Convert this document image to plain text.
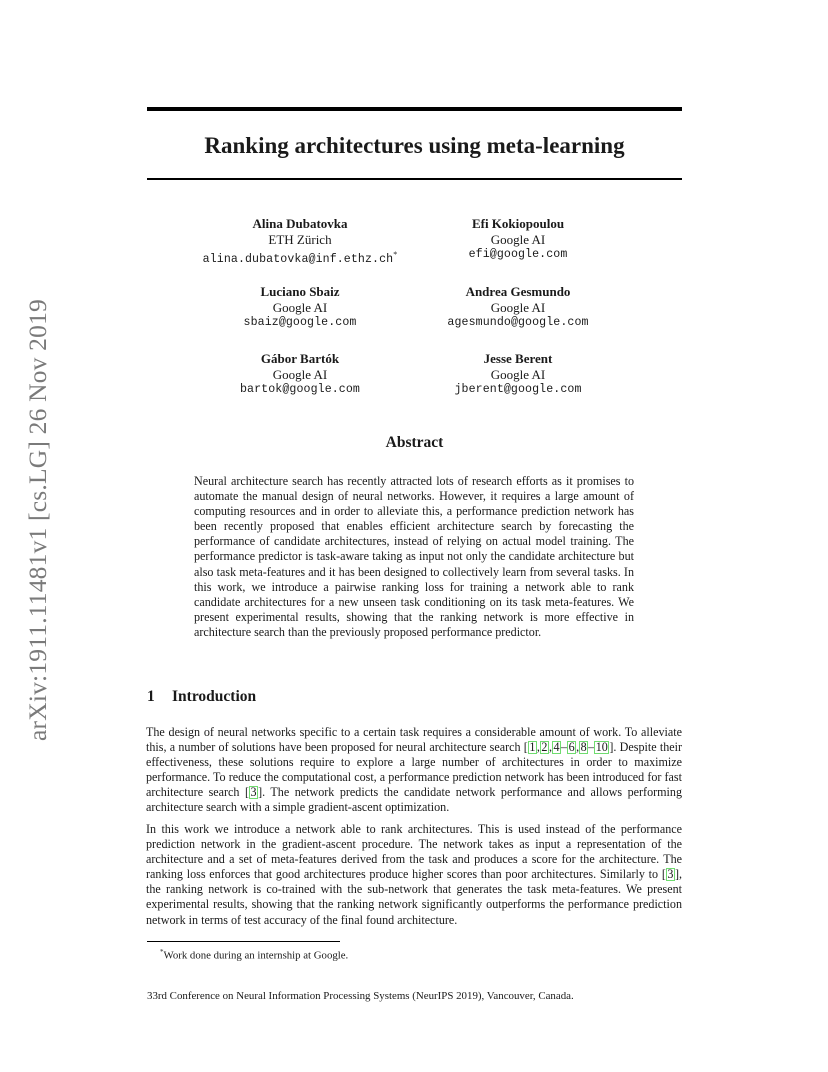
arXiv:1911.11481v1 [cs.LG] 26 Nov 2019
Ranking architectures using meta-learning
Alina Dubatovka
ETH Zürich
alina.dubatovka@inf.ethz.ch*
Efi Kokiopoulou
Google AI
efi@google.com
Luciano Sbaiz
Google AI
sbaiz@google.com
Andrea Gesmundo
Google AI
agesmundo@google.com
Gábor Bartók
Google AI
bartok@google.com
Jesse Berent
Google AI
jberent@google.com
Abstract
Neural architecture search has recently attracted lots of research efforts as it promises to automate the manual design of neural networks. However, it requires a large amount of computing resources and in order to alleviate this, a performance prediction network has been recently proposed that enables efficient architecture search by forecasting the performance of candidate architectures, instead of relying on actual model training. The performance predictor is task-aware taking as input not only the candidate architecture but also task meta-features and it has been designed to collectively learn from several tasks. In this work, we introduce a pairwise ranking loss for training a network able to rank candidate architectures for a new unseen task conditioning on its task meta-features. We present experimental results, showing that the ranking network is more effective in architecture search than the previously proposed performance predictor.
1 Introduction
The design of neural networks specific to a certain task requires a considerable amount of work. To alleviate this, a number of solutions have been proposed for neural architecture search [ 1 , 2 , 4 – 6 , 8 – 10 ]. Despite their effectiveness, these solutions require to explore a large number of architectures in order to maximize performance. To reduce the computational cost, a performance prediction network has been introduced for fast architecture search [ 3 ]. The network predicts the candidate network performance and allows performing architecture search with a simple gradient-ascent optimization.
In this work we introduce a network able to rank architectures. This is used instead of the performance prediction network in the gradient-ascent procedure. The network takes as input a representation of the architecture and a set of meta-features derived from the task and produces a score for the architecture. The ranking loss enforces that good architectures produce higher scores than poor architectures. Similarly to [ 3 ], the ranking network is co-trained with the sub-network that generates the task meta-features. We present experimental results, showing that the ranking network significantly outperforms the performance prediction network in terms of test accuracy of the final found architecture.
*Work done during an internship at Google.
33rd Conference on Neural Information Processing Systems (NeurIPS 2019), Vancouver, Canada.
